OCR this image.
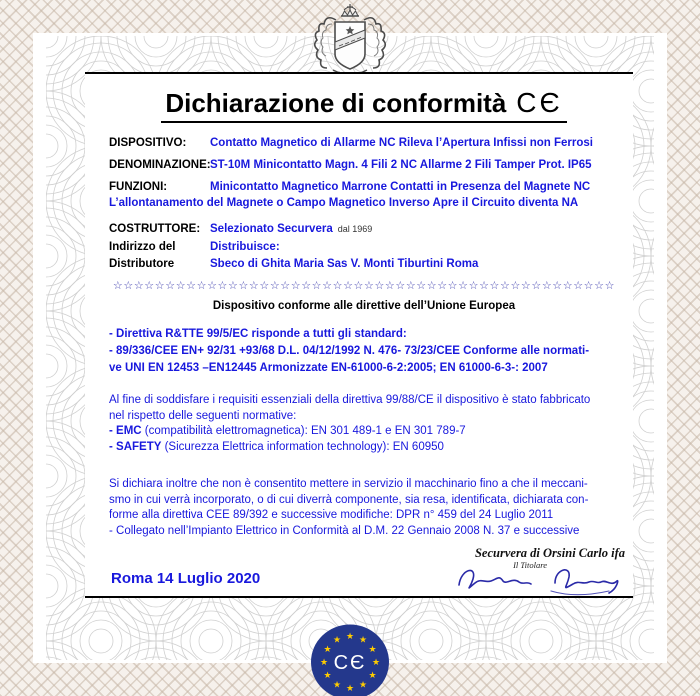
Dichiarazione di conformità CЄ
DISPOSITIVO:	Contatto Magnetico di Allarme NC Rileva l’Apertura Infissi non Ferrosi
DENOMINAZIONE: ST-10M Minicontatto Magn. 4 Fili 2 NC Allarme 2 Fili Tamper Prot. IP65
FUNZIONI:	Minicontatto Magnetico Marrone Contatti in Presenza del Magnete NC
L’allontanamento del Magnete o Campo Magnetico Inverso Apre il Circuito diventa NA
COSTRUTTORE: Selezionato Securvera dal 1969
Indirizzo del	Distribuisce:
Distributore	Sbeco di Ghita Maria Sas V. Monti Tiburtini Roma
☆☆☆☆☆☆☆☆☆☆☆☆☆☆☆☆☆☆☆☆☆☆☆☆☆☆☆☆☆☆☆☆☆☆☆☆☆☆☆☆☆☆☆☆☆☆☆☆
Dispositivo conforme alle direttive dell’Unione Europea
- Direttiva R&TTE 99/5/EC risponde a tutti gli standard:
- 89/336/CEE EN+ 92/31 +93/68 D.L. 04/12/1992 N. 476- 73/23/CEE Conforme alle normati-
ve UNI EN 12453 –EN12445 Armonizzate EN-61000-6-2:2005; EN 61000-6-3-: 2007
Al fine di soddisfare i requisiti essenziali della direttiva 99/88/CE il dispositivo è stato fabbricato
nel rispetto delle seguenti normative:
- EMC (compatibilità elettromagnetica): EN 301 489-1 e EN 301 789-7
- SAFETY (Sicurezza Elettrica information technology): EN 60950
Si dichiara inoltre che non è consentito mettere in servizio il macchinario fino a che il meccani-
smo in cui verrà incorporato, o di cui diverrà componente, sia resa, identificata, dichiarata con-
forme alla direttiva CEE 89/392 e successive modifiche: DPR n° 459 del 24 Luglio 2011
- Collegato nell’Impianto Elettrico in Conformità al D.M. 22 Gennaio 2008 N. 37 e successive
Roma 14 Luglio 2020
Securvera di Orsini Carlo ifa
Il Titolare
★ ★
★
★
★
★
★
★
★
★
★
★
CЄ
